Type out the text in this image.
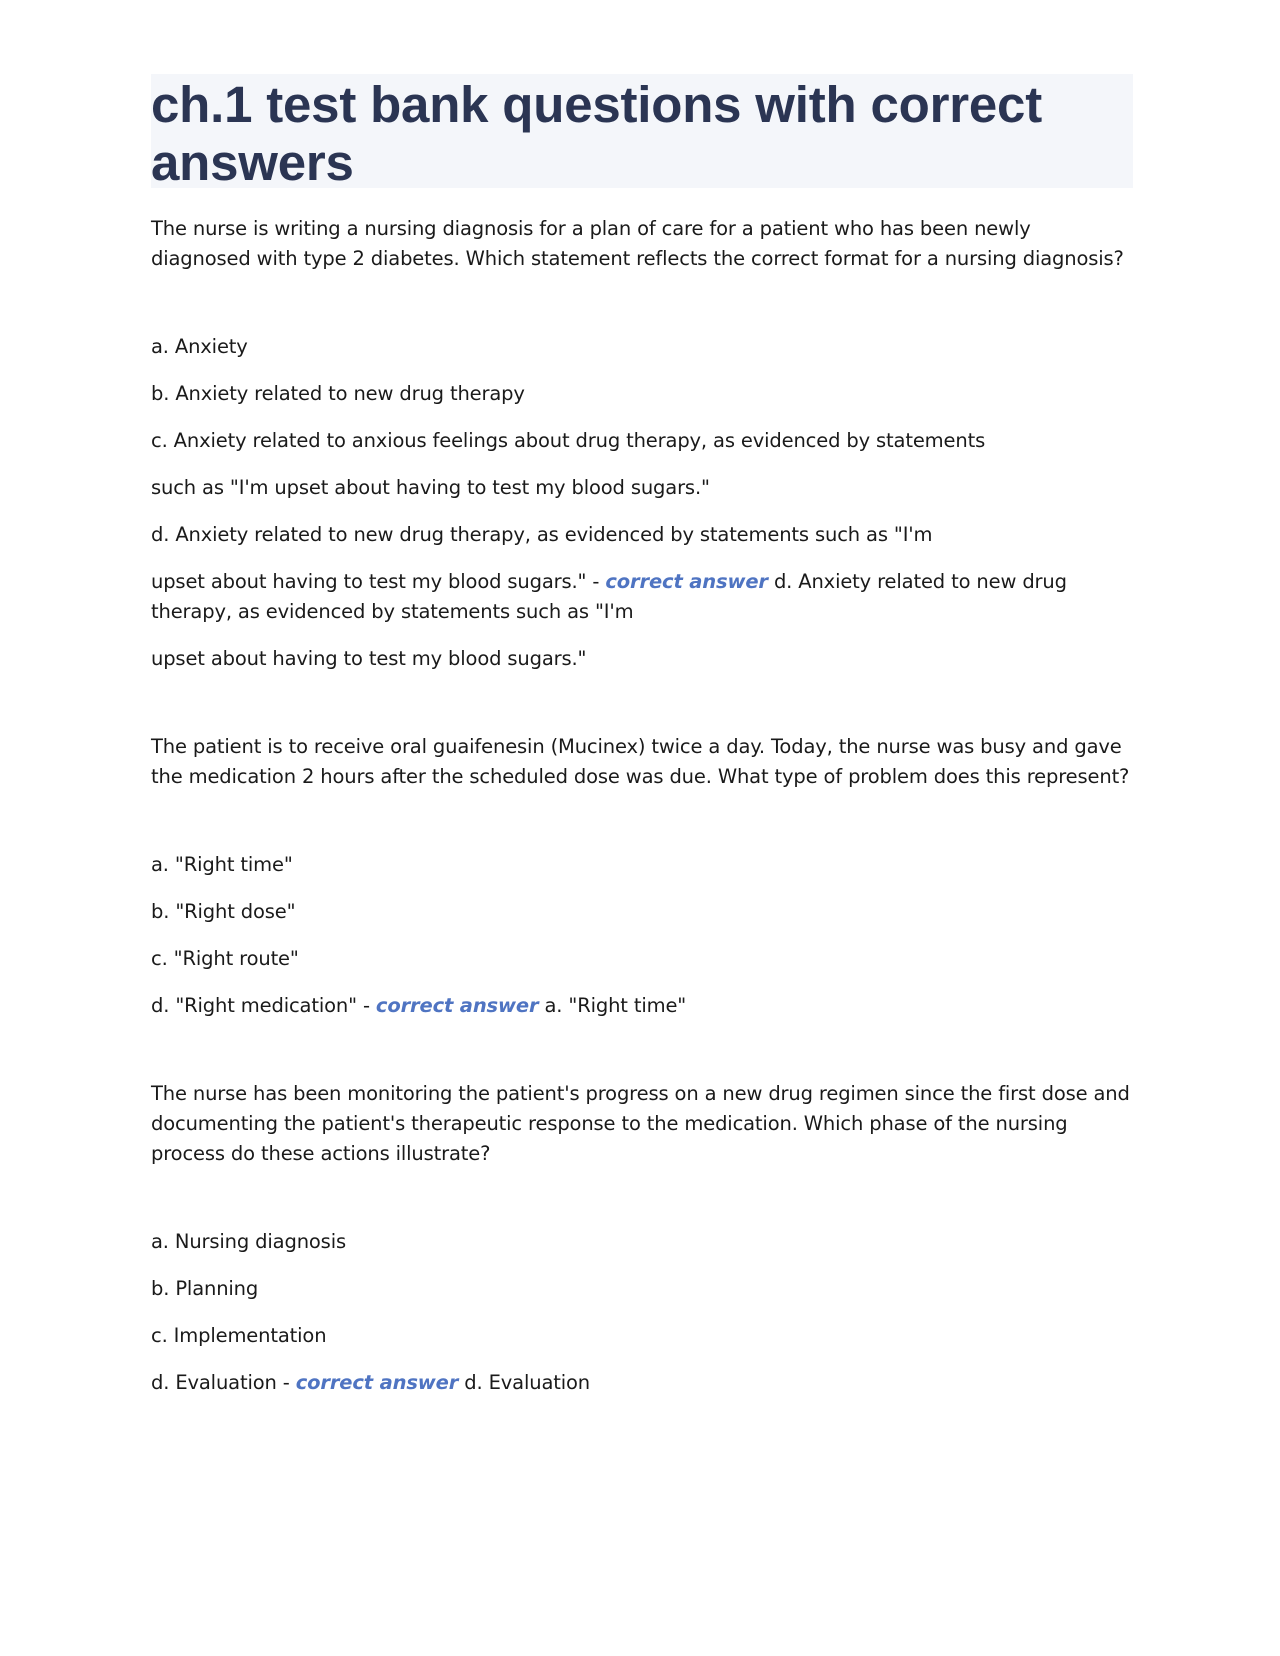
ch.1 test bank questions with correct answers

The nurse is writing a nursing diagnosis for a plan of care for a patient who has been newly diagnosed with type 2 diabetes. Which statement reflects the correct format for a nursing diagnosis?

a. Anxiety

b. Anxiety related to new drug therapy

c. Anxiety related to anxious feelings about drug therapy, as evidenced by statements

such as "I'm upset about having to test my blood sugars."

d. Anxiety related to new drug therapy, as evidenced by statements such as "I'm

upset about having to test my blood sugars." - correct answer d. Anxiety related to new drug therapy, as evidenced by statements such as "I'm

upset about having to test my blood sugars."

The patient is to receive oral guaifenesin (Mucinex) twice a day. Today, the nurse was busy and gave the medication 2 hours after the scheduled dose was due. What type of problem does this represent?

a. "Right time"

b. "Right dose"

c. "Right route"

d. "Right medication" - correct answer a. "Right time"

The nurse has been monitoring the patient's progress on a new drug regimen since the first dose and documenting the patient's therapeutic response to the medication. Which phase of the nursing process do these actions illustrate?

a. Nursing diagnosis

b. Planning

c. Implementation

d. Evaluation - correct answer d. Evaluation
